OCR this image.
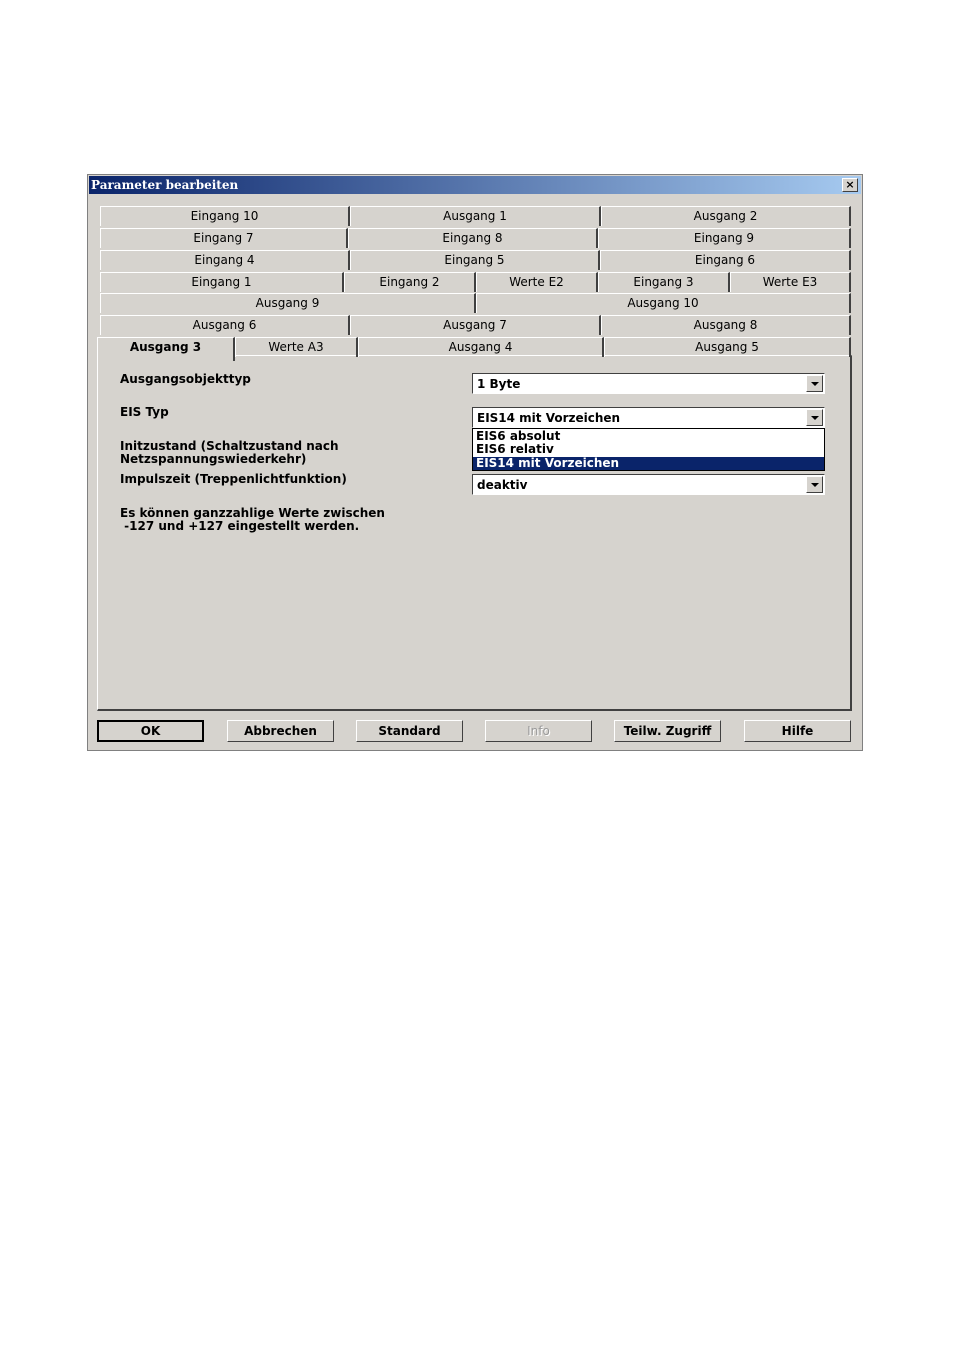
Parameter bearbeiten	×
Eingang 10	Ausgang 1	Ausgang 2
Eingang 7	Eingang 8	Eingang 9
Eingang 4	Eingang 5	Eingang 6
Eingang 1	Eingang 2	Werte E2	Eingang 3	Werte E3
Ausgang 9	Ausgang 10
Ausgang 6	Ausgang 7	Ausgang 8
Ausgang 3	Werte A3	Ausgang 4	Ausgang 5
Ausgangsobjekttyp	1 Byte
EIS Typ	EIS14 mit Vorzeichen
EIS6 absolut
EIS6 relativ
EIS14 mit Vorzeichen
Initzustand (Schaltzustand nach
Netzspannungswiederkehr)
Impulszeit (Treppenlichtfunktion)	deaktiv
Es können ganzzahlige Werte zwischen
-127 und +127 eingestellt werden.
OK	Abbrechen	Standard	Info	Teilw. Zugriff	Hilfe
